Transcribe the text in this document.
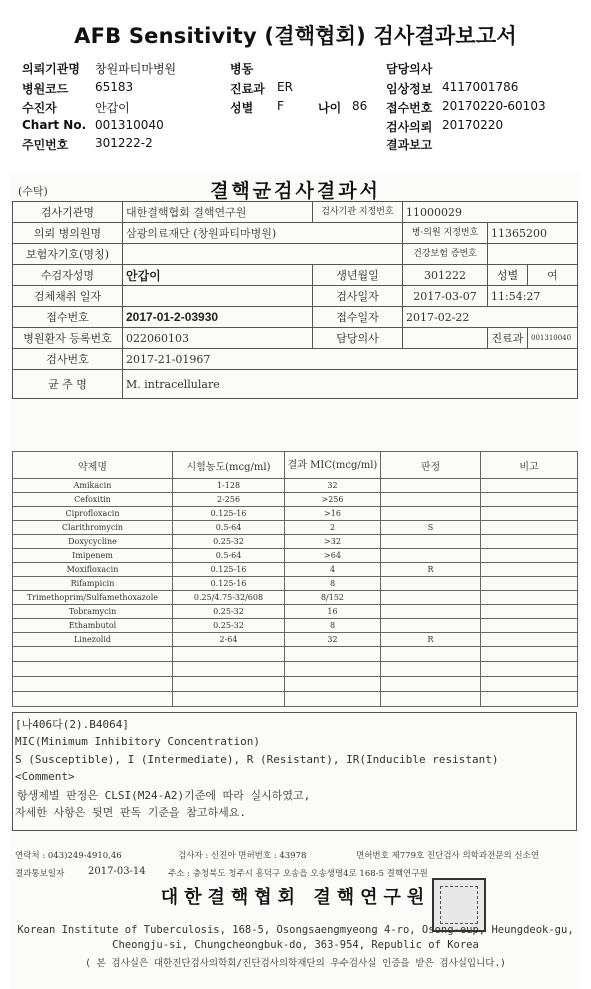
AFB Sensitivity (결핵협회) 검사결과보고서
의뢰기관명 창원파티마병원	병동	담당의사
병원코드 65183	진료과 ER	임상정보 4117001786
수진자	안갑이	성별 F	나이 86 접수번호 20170220-60103
Chart No. 001310040	검사의뢰 20170220
주민번호 301222-2	결과보고
(수탁)	결핵균검사결과서
검사기관명	대한결핵협회 결핵연구원	검사기관 지정번호	11000029		
의뢰 병의원명	삼광의료재단 (창원파티마병원)		병·의원 지정번호	11365200	
보험자기호(명칭)			건강보험 증번호		
수검자성명	안갑이	생년월일	301222	성별	여
검체채취 일자		검사일자	2017-03-07	11:54:27	
접수번호	2017-01-2-03930	접수일자	2017-02-22		
병원환자 등록번호	022060103	담당의사		진료과	001310040
검사번호	2017-21-01967				
균 주 명	M. intracellulare				
약제명	시험농도(mcg/ml)	결과 MIC(mcg/ml)	판정	비고
Amikacin	1-128	32		
Cefoxitin	2-256	>256		
Ciprofloxacin	0.125-16	>16		
Clarithromycin	0.5-64	2	S	
Doxycycline	0.25-32	>32		
Imipenem	0.5-64	>64		
Moxifloxacin	0.125-16	4	R	
Rifampicin	0.125-16	8		
Trimethoprim/Sulfamethoxazole	0.25/4.75-32/608	8/152		
Tobramycin	0.25-32	16		
Ethambutol	0.25-32	8		
Linezolid	2-64	32	R	

[나406다(2).B4064]
MIC(Minimum Inhibitory Concentration)
S (Susceptible), I (Intermediate), R (Resistant), IR(Inducible resistant)
<Comment>
항생제별 판정은 CLSI(M24-A2)기준에 따라 실시하였고,
자세한 사항은 뒷면 판독 기준을 참고하세요.
연락처 : 043)249-4910,46	검사자 : 신진아 면허번호 : 43978	면허번호 제779호 진단검사 의학과전문의 신소연
결과통보일자 2017-03-14	주소 : 충청북도 청주시 흥덕구 오송읍 오송생명4로 168-5 결핵연구원
대한결핵협회 결핵연구원
Korean Institute of Tuberculosis, 168-5, Osongsaengmyeong 4-ro, Osong-eup, Heungdeok-gu,
Cheongju-si, Chungcheongbuk-do, 363-954, Republic of Korea
( 본 검사실은 대한진단검사의학회/진단검사의학재단의 우수검사실 인증을 받은 검사실입니다.)
